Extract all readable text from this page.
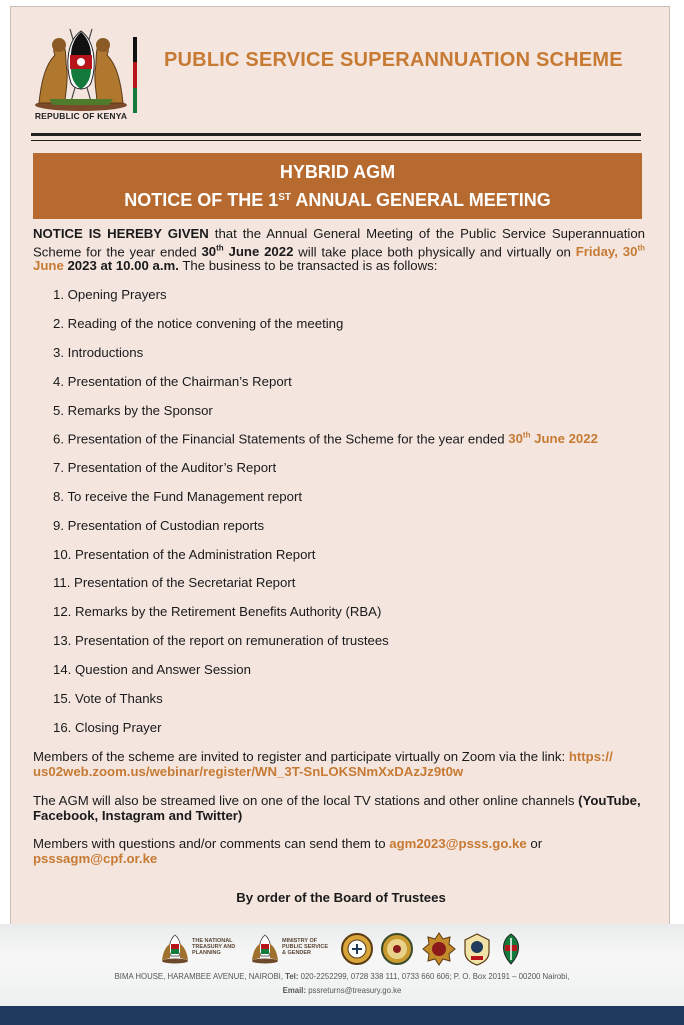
REPUBLIC OF KENYA
PUBLIC SERVICE SUPERANNUATION SCHEME
HYBRID AGM
NOTICE OF THE 1ST ANNUAL GENERAL MEETING
NOTICE IS HEREBY GIVEN that the Annual General Meeting of the Public Service Superannuation Scheme for the year ended 30th June 2022 will take place both physically and virtually on Friday, 30th June 2023 at 10.00 a.m. The business to be transacted is as follows:
1. Opening Prayers
2. Reading of the notice convening of the meeting
3. Introductions
4. Presentation of the Chairman’s Report
5. Remarks by the Sponsor
6. Presentation of the Financial Statements of the Scheme for the year ended 30th June 2022
7. Presentation of the Auditor’s Report
8. To receive the Fund Management report
9. Presentation of Custodian reports
10. Presentation of the Administration Report
11. Presentation of the Secretariat Report
12. Remarks by the Retirement Benefits Authority (RBA)
13. Presentation of the report on remuneration of trustees
14. Question and Answer Session
15. Vote of Thanks
16. Closing Prayer
Members of the scheme are invited to register and participate virtually on Zoom via the link: https:// us02web.zoom.us/webinar/register/WN_3T-SnLOKSNmXxDAzJz9t0w
The AGM will also be streamed live on one of the local TV stations and other online channels (YouTube, Facebook, Instagram and Twitter)
Members with questions and/or comments can send them to agm2023@psss.go.ke or psssagm@cpf.or.ke
By order of the Board of Trustees
THE NATIONAL TREASURY AND PLANNING
MINISTRY OF PUBLIC SERVICE & GENDER
BIMA HOUSE, HARAMBEE AVENUE, NAIROBI, Tel: 020-2252299, 0728 338 111, 0733 660 606; P. O. Box 20191 – 00200 Nairobi,
Email: pssreturns@treasury.go.ke
